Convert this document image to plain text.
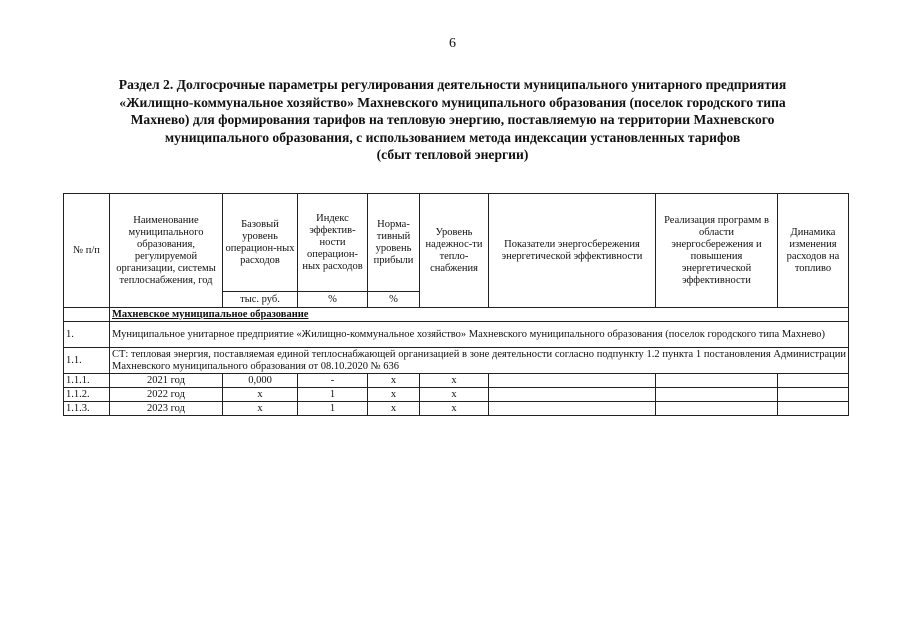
6
Раздел 2. Долгосрочные параметры регулирования деятельности муниципального унитарного предприятия
«Жилищно-коммунальное хозяйство» Махневского муниципального образования (поселок городского типа
Махнево) для формирования тарифов на тепловую энергию, поставляемую на территории Махневского
муниципального образования, с использованием метода индексации установленных тарифов
(сбыт тепловой энергии)
№ п/п	Наименование муниципального образования, регулируемой организации, системы теплоснабжения, год	Базовый уровень операцион-ных расходов	Индекс эффектив-ности операцион-ных расходов	Норма-тивный уровень прибыли	Уровень надежнос-ти тепло-снабжения	Показатели энергосбережения энергетической эффективности	Реализация программ в области энергосбережения и повышения энергетической эффективности	Динамика изменения расходов на топливо
		тыс. руб.	%	%				
	Махневское муниципальное образование							
1.	Муниципальное унитарное предприятие «Жилищно-коммунальное хозяйство» Махневского муниципального образования (поселок городского типа Махнево)							
1.1.	СТ: тепловая энергия, поставляемая единой теплоснабжающей организацией в зоне деятельности согласно подпункту 1.2 пункта 1 постановления Администрации Махневского муниципального образования от 08.10.2020 № 636							
1.1.1.	2021 год	0,000	-	x	x			
1.1.2.	2022 год	x	1	x	x			
1.1.3.	2023 год	x	1	x	x			
